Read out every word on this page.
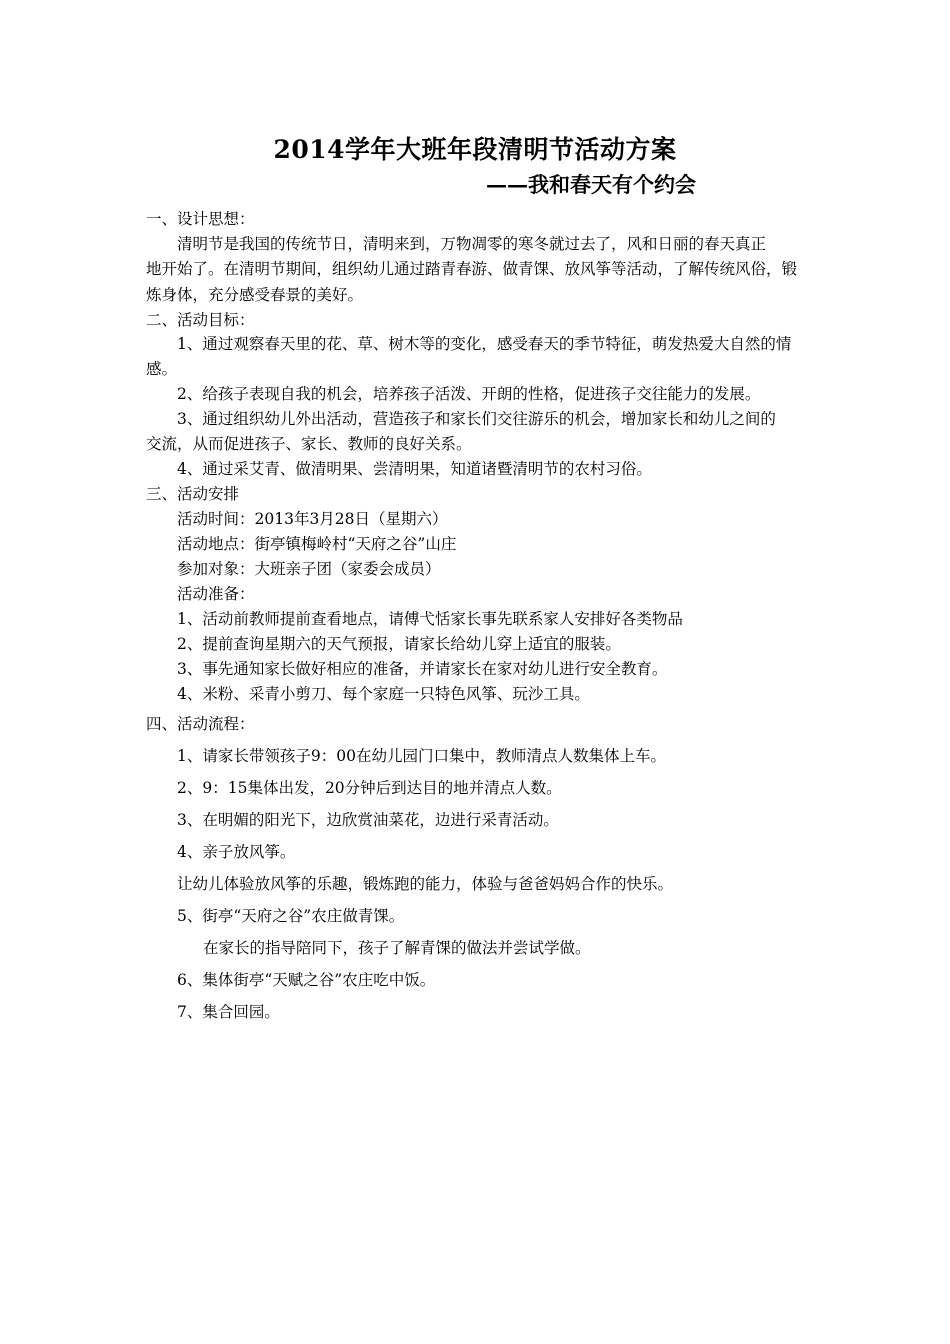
2014学年大班年段清明节活动方案
——我和春天有个约会
一、设计思想：
清明节是我国的传统节日，清明来到，万物凋零的寒冬就过去了，风和日丽的春天真正
地开始了。在清明节期间，组织幼儿通过踏青春游、做青馃、放风筝等活动，了解传统风俗，锻
炼身体，充分感受春景的美好。
二、活动目标：
1、通过观察春天里的花、草、树木等的变化，感受春天的季节特征，萌发热爱大自然的情
感。
2、给孩子表现自我的机会，培养孩子活泼、开朗的性格，促进孩子交往能力的发展。
3、通过组织幼儿外出活动，营造孩子和家长们交往游乐的机会，增加家长和幼儿之间的
交流，从而促进孩子、家长、教师的良好关系。
4、通过采艾青、做清明果、尝清明果，知道诸暨清明节的农村习俗。
三、活动安排
活动时间：2013年3月28日（星期六）
活动地点：街亭镇梅岭村“天府之谷”山庄
参加对象：大班亲子团（家委会成员）
活动准备：
1、活动前教师提前查看地点，请傅弋恬家长事先联系家人安排好各类物品
2、提前查询星期六的天气预报，请家长给幼儿穿上适宜的服装。
3、事先通知家长做好相应的准备，并请家长在家对幼儿进行安全教育。
4、米粉、采青小剪刀、每个家庭一只特色风筝、玩沙工具。
四、活动流程：
1、请家长带领孩子9：00在幼儿园门口集中，教师清点人数集体上车。
2、9：15集体出发，20分钟后到达目的地并清点人数。
3、在明媚的阳光下，边欣赏油菜花，边进行采青活动。
4、亲子放风筝。
让幼儿体验放风筝的乐趣，锻炼跑的能力，体验与爸爸妈妈合作的快乐。
5、街亭“天府之谷”农庄做青馃。
在家长的指导陪同下，孩子了解青馃的做法并尝试学做。
6、集体街亭“天赋之谷”农庄吃中饭。
7、集合回园。
